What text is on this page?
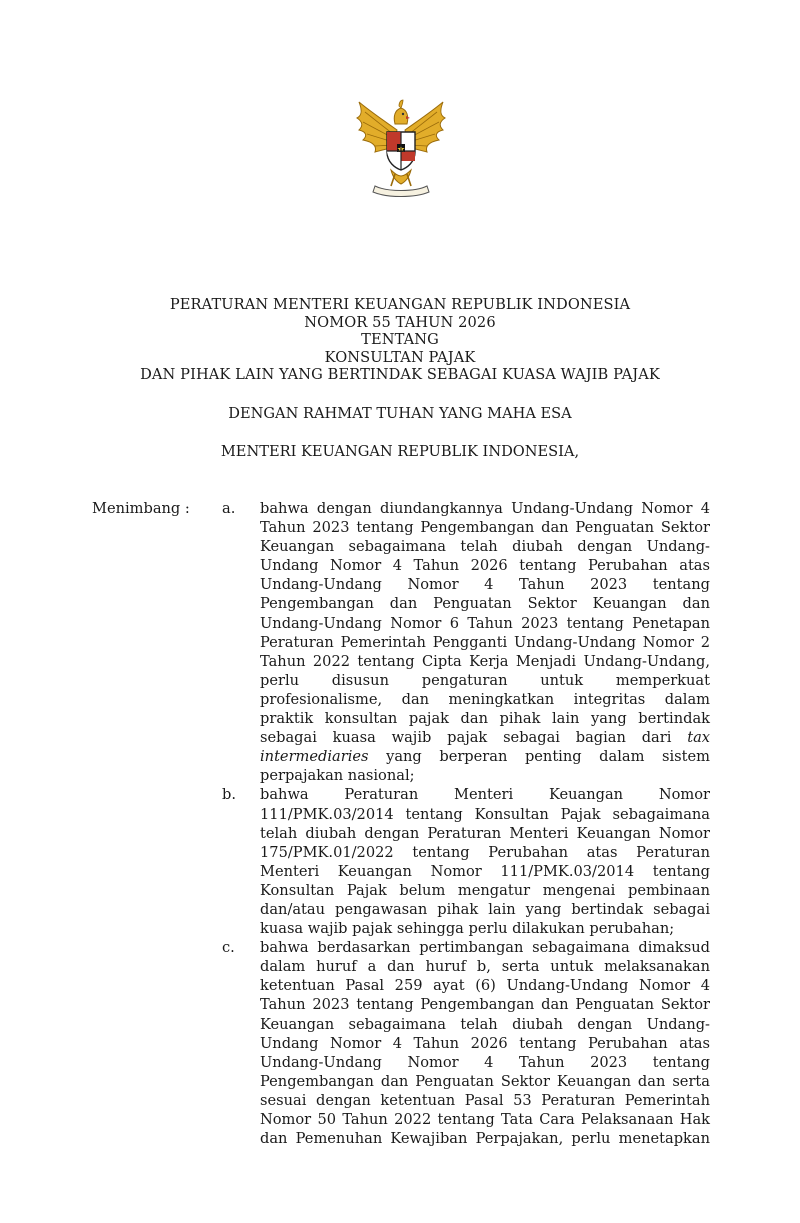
PERATURAN MENTERI KEUANGAN REPUBLIK INDONESIA
NOMOR 55 TAHUN 2026
TENTANG
KONSULTAN PAJAK
DAN PIHAK LAIN YANG BERTINDAK SEBAGAI KUASA WAJIB PAJAK
DENGAN RAHMAT TUHAN YANG MAHA ESA
MENTERI KEUANGAN REPUBLIK INDONESIA,
Menimbang : a. bahwa dengan diundangkannya Undang-Undang Nomor 4
Tahun 2023 tentang Pengembangan dan Penguatan Sektor
Keuangan sebagaimana telah diubah dengan Undang-
Undang Nomor 4 Tahun 2026 tentang Perubahan atas
Undang-Undang Nomor 4 Tahun 2023 tentang
Pengembangan dan Penguatan Sektor Keuangan dan
Undang-Undang Nomor 6 Tahun 2023 tentang Penetapan
Peraturan Pemerintah Pengganti Undang-Undang Nomor 2
Tahun 2022 tentang Cipta Kerja Menjadi Undang-Undang,
perlu disusun pengaturan untuk memperkuat
profesionalisme, dan meningkatkan integritas dalam
praktik konsultan pajak dan pihak lain yang bertindak
sebagai kuasa wajib pajak sebagai bagian dari tax
intermediaries yang berperan penting dalam sistem
perpajakan nasional;
b. bahwa Peraturan Menteri Keuangan Nomor
111/PMK.03/2014 tentang Konsultan Pajak sebagaimana
telah diubah dengan Peraturan Menteri Keuangan Nomor
175/PMK.01/2022 tentang Perubahan atas Peraturan
Menteri Keuangan Nomor 111/PMK.03/2014 tentang
Konsultan Pajak belum mengatur mengenai pembinaan
dan/atau pengawasan pihak lain yang bertindak sebagai
kuasa wajib pajak sehingga perlu dilakukan perubahan;
c. bahwa berdasarkan pertimbangan sebagaimana dimaksud
dalam huruf a dan huruf b, serta untuk melaksanakan
ketentuan Pasal 259 ayat (6) Undang-Undang Nomor 4
Tahun 2023 tentang Pengembangan dan Penguatan Sektor
Keuangan sebagaimana telah diubah dengan Undang-
Undang Nomor 4 Tahun 2026 tentang Perubahan atas
Undang-Undang Nomor 4 Tahun 2023 tentang
Pengembangan dan Penguatan Sektor Keuangan dan serta
sesuai dengan ketentuan Pasal 53 Peraturan Pemerintah
Nomor 50 Tahun 2022 tentang Tata Cara Pelaksanaan Hak
dan Pemenuhan Kewajiban Perpajakan, perlu menetapkan
